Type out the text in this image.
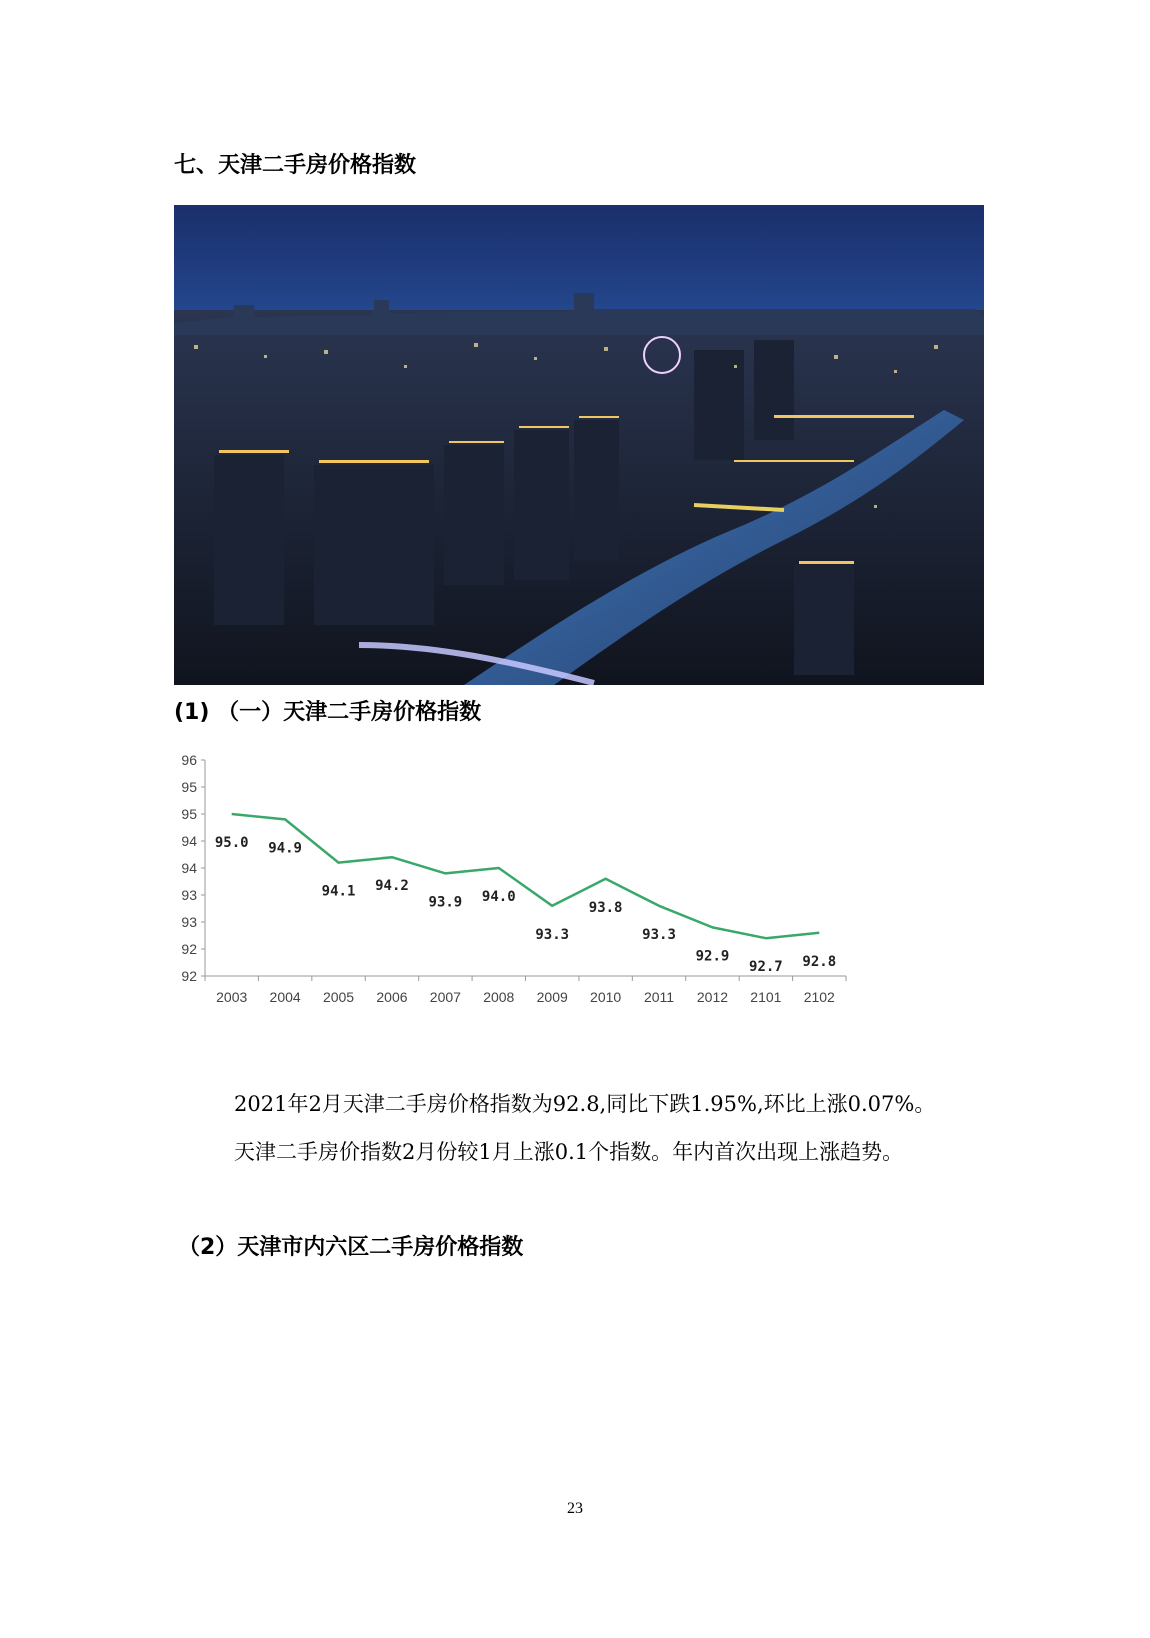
七、天津二手房价格指数
(1) （一）天津二手房价格指数
96
95
95
94
94
93
93
92
92
2003 2004 2005 2006 2007 2008 2009 2010 2011 2012 2101 2102
95.0 94.9
94.1 94.2
93.9 94.0
93.3
93.8
93.3
92.9
92.7 92.8

2021年2月天津二手房价格指数为92.8,同比下跌1.95%,环比上涨0.07%。

天津二手房价指数2月份较1月上涨0.1个指数。年内首次出现上涨趋势。

（2）天津市内六区二手房价格指数
23
